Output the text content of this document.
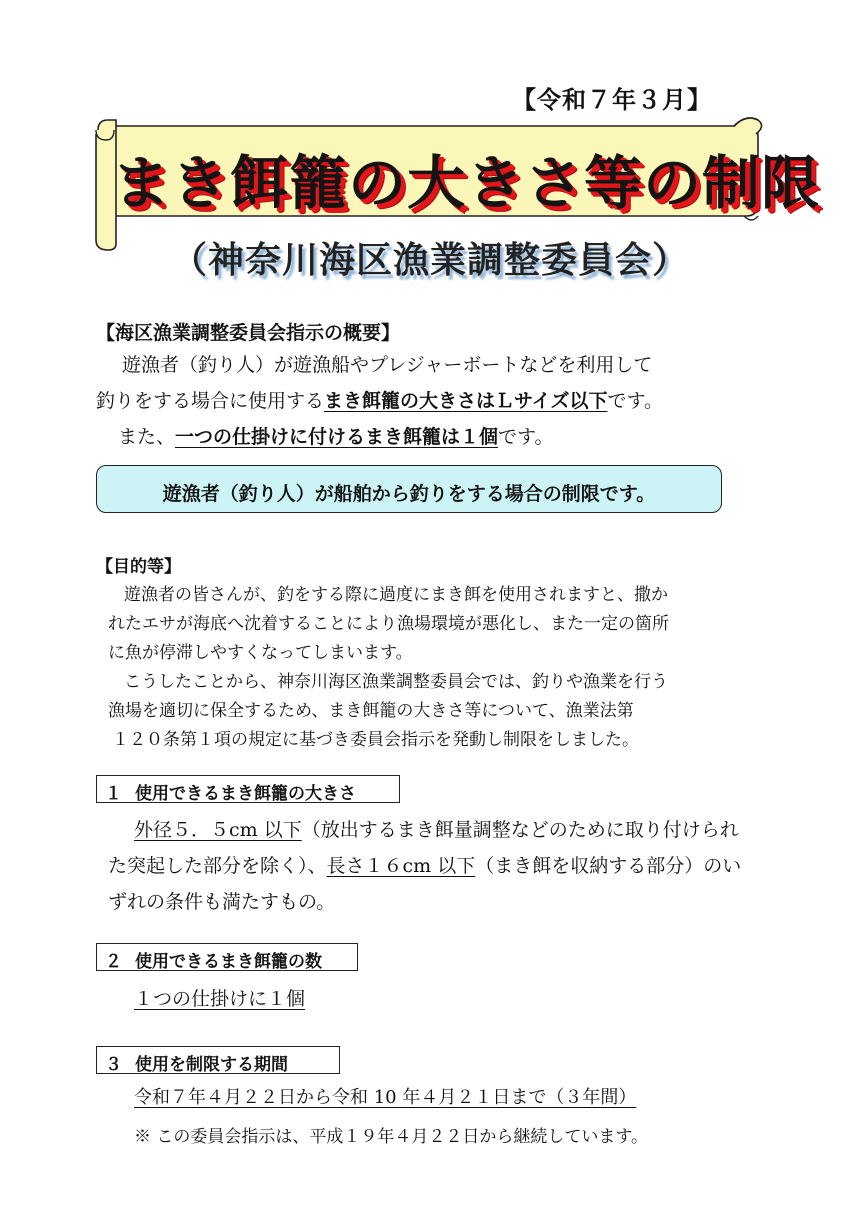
【令和７年３月】
まき餌籠の大きさ等の制限
（神奈川海区漁業調整委員会）
【海区漁業調整委員会指示の概要】
遊漁者（釣り人）が遊漁船やプレジャーボートなどを利用して
釣りをする場合に使用するまき餌籠の大きさはＬサイズ以下です。
また、一つの仕掛けに付けるまき餌籠は１個です。
遊漁者（釣り人）が船舶から釣りをする場合の制限です。
【目的等】
遊漁者の皆さんが、釣をする際に過度にまき餌を使用されますと、撒か
れたエサが海底へ沈着することにより漁場環境が悪化し、また一定の箇所
に魚が停滞しやすくなってしまいます。
こうしたことから、神奈川海区漁業調整委員会では、釣りや漁業を行う
漁場を適切に保全するため、まき餌籠の大きさ等について、漁業法第
１２０条第１項の規定に基づき委員会指示を発動し制限をしました。
１ 使用できるまき餌籠の大きさ
外径５．５cm 以下（放出するまき餌量調整などのために取り付けられ
た突起した部分を除く）、長さ１６cm 以下（まき餌を収納する部分）のい
ずれの条件も満たすもの。
２ 使用できるまき餌籠の数
１つの仕掛けに１個
３ 使用を制限する期間
令和７年４月２２日から令和 10 年４月２１日まで（３年間）
※ この委員会指示は、平成１９年４月２２日から継続しています。
